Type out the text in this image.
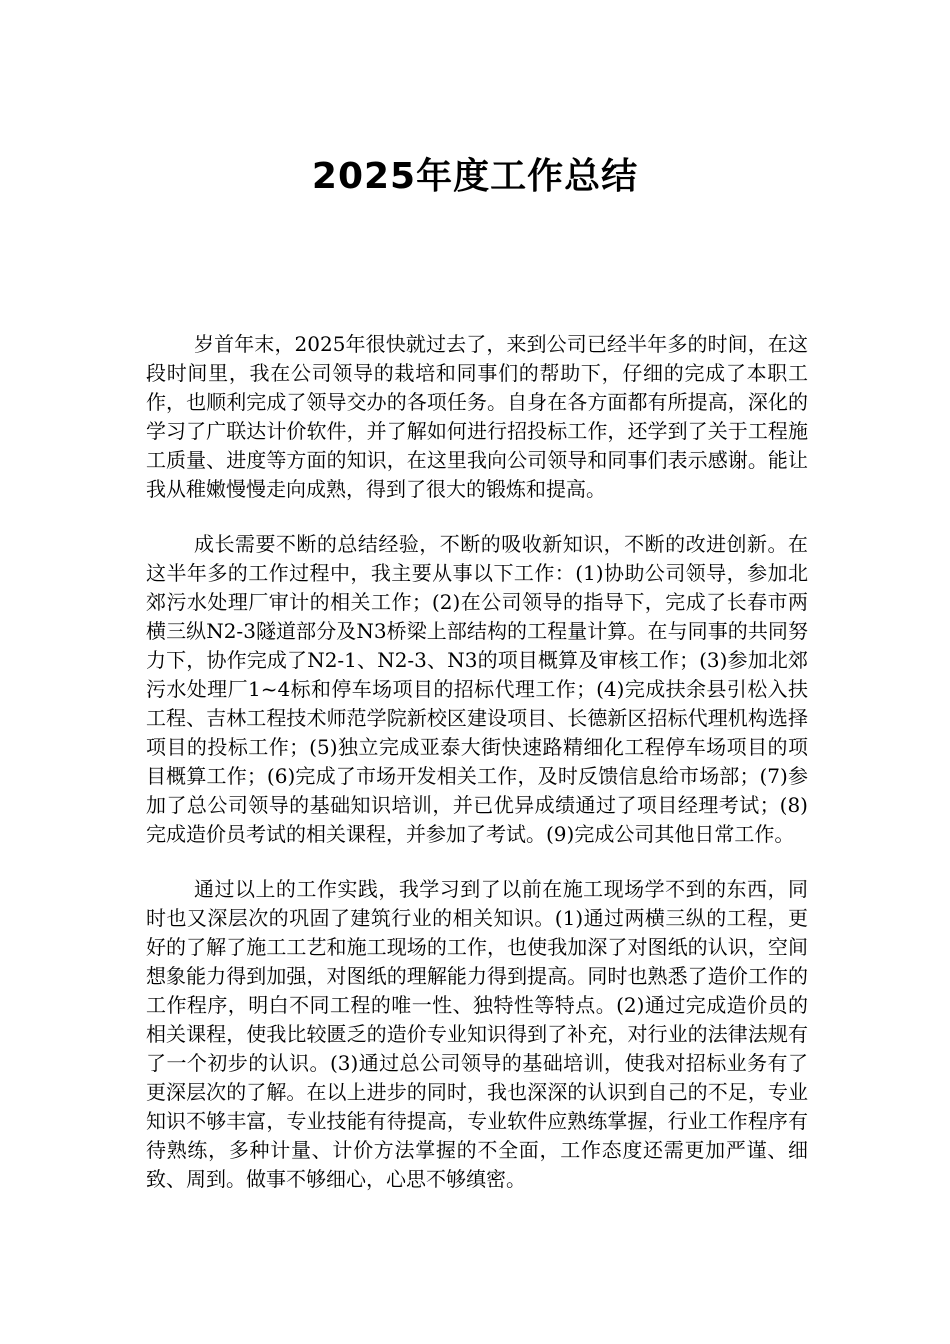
2025年度工作总结

岁首年末，2025年很快就过去了，来到公司已经半年多的时间，在这段时间里，我在公司领导的栽培和同事们的帮助下，仔细的完成了本职工作，也顺利完成了领导交办的各项任务。自身在各方面都有所提高，深化的学习了广联达计价软件，并了解如何进行招投标工作，还学到了关于工程施工质量、进度等方面的知识，在这里我向公司领导和同事们表示感谢。能让我从稚嫩慢慢走向成熟，得到了很大的锻炼和提高。

成长需要不断的总结经验，不断的吸收新知识，不断的改进创新。在这半年多的工作过程中，我主要从事以下工作：(1)协助公司领导，参加北郊污水处理厂审计的相关工作；(2)在公司领导的指导下，完成了长春市两横三纵N2-3隧道部分及N3桥梁上部结构的工程量计算。在与同事的共同努力下，协作完成了N2-1、N2-3、N3的项目概算及审核工作；(3)参加北郊污水处理厂1~4标和停车场项目的招标代理工作；(4)完成扶余县引松入扶工程、吉林工程技术师范学院新校区建设项目、长德新区招标代理机构选择项目的投标工作；(5)独立完成亚泰大街快速路精细化工程停车场项目的项目概算工作；(6)完成了市场开发相关工作，及时反馈信息给市场部；(7)参加了总公司领导的基础知识培训，并已优异成绩通过了项目经理考试；(8)完成造价员考试的相关课程，并参加了考试。(9)完成公司其他日常工作。

通过以上的工作实践，我学习到了以前在施工现场学不到的东西，同时也又深层次的巩固了建筑行业的相关知识。(1)通过两横三纵的工程，更好的了解了施工工艺和施工现场的工作，也使我加深了对图纸的认识，空间想象能力得到加强，对图纸的理解能力得到提高。同时也熟悉了造价工作的工作程序，明白不同工程的唯一性、独特性等特点。(2)通过完成造价员的相关课程，使我比较匮乏的造价专业知识得到了补充，对行业的法律法规有了一个初步的认识。(3)通过总公司领导的基础培训，使我对招标业务有了更深层次的了解。在以上进步的同时，我也深深的认识到自己的不足，专业知识不够丰富，专业技能有待提高，专业软件应熟练掌握，行业工作程序有待熟练，多种计量、计价方法掌握的不全面，工作态度还需更加严谨、细致、周到。做事不够细心，心思不够缜密。
